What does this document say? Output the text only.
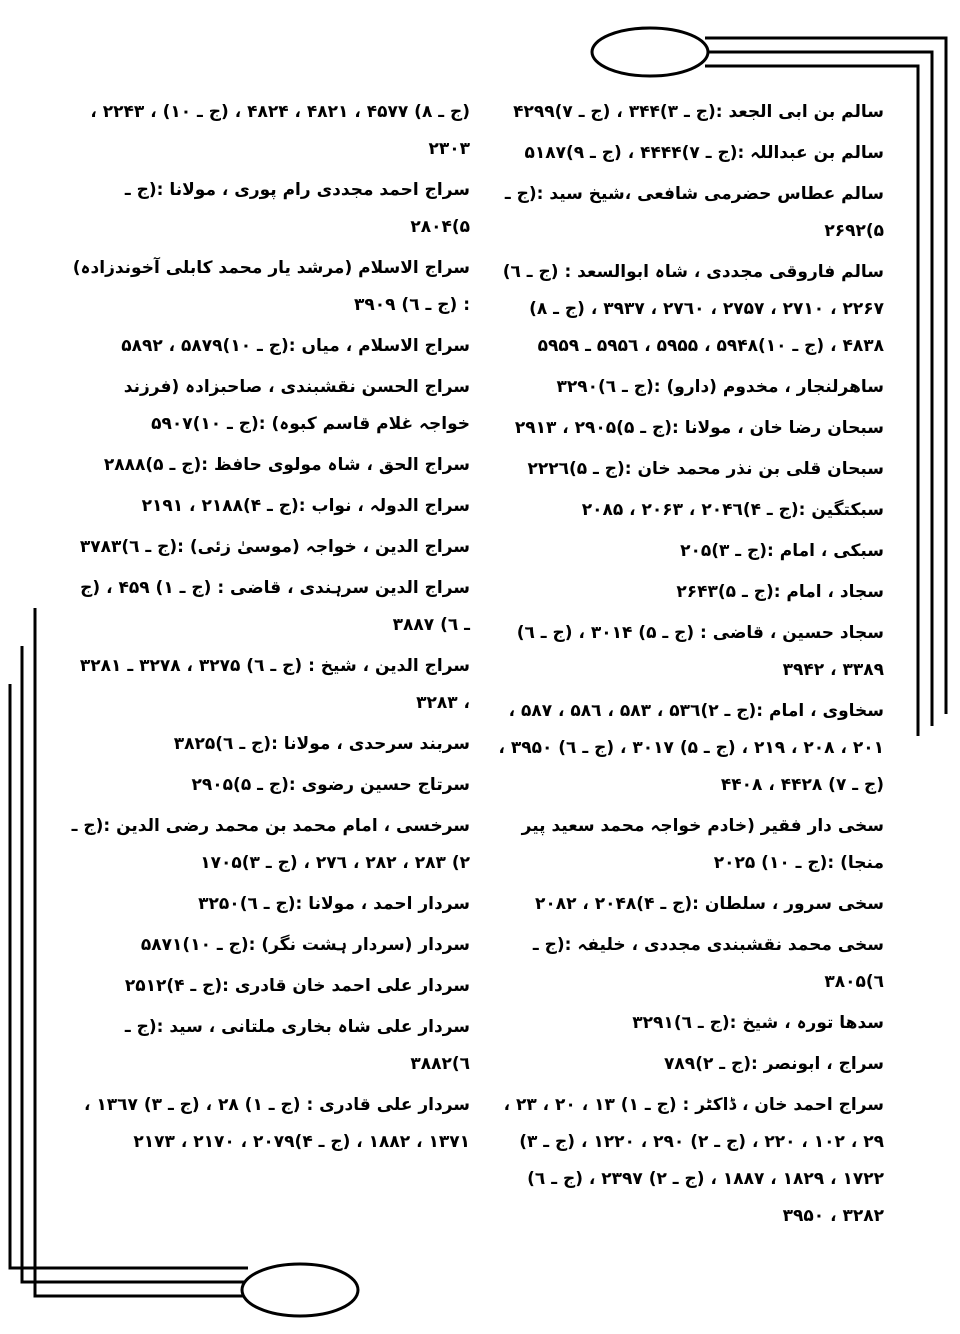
سالم بن ابی الجعد :(ج ـ ۳)۳۴۴ ، (ج ـ ۷)۴۲۹۹

سالم بن عبداللہ :(ج ـ ۷)۴۴۴۴ ، (ج ـ ۹)۵۱۸۷

سالم عطاس حضرمی شافعی ،شیخ سید :(ج ـ ۵)۲۶۹۲

سالم فاروقی مجددی ، شاہ ابوالسعد : (ج ـ ٦) ۲۲۶۷ ، ۲۷۱۰ ، ۲۷۵۷ ، ۲۷٦۰ ، ۳۹۳۷ ، (ج ـ ۸) ۴۸۳۸ ، (ج ـ ۱۰)۵۹۴۸ ، ۵۹۵۵ ، ۵۹۵٦ ـ ۵۹۵۹

ساھرلنجار ، مخدوم (دارو) :(ج ـ ٦)۳۲۹۰

سبحان رضا خان ، مولانا :(ج ـ ۵)۲۹۰۵ ، ۲۹۱۳

سبحان قلی بن نذر محمد خان :(ج ـ ۵)۲۲۲٦

سبکتگین :(ج ـ ۴)۲۰۴٦ ، ۲۰۶۳ ، ۲۰۸۵

سبکی ، امام :(ج ـ ۳)۲۰۵

سجاد ، امام :(ج ـ ۵)۲۶۴۳

سجاد حسین ، قاضی : (ج ـ ۵) ۳۰۱۴ ، (ج ـ ٦) ۳۳۸۹ ، ۳۹۴۲

سخاوی ، امام :(ج ـ ۲)۵۳٦ ، ۵۸۳ ، ۵۸٦ ، ۵۸۷ ، ۲۰۱ ، ۲۰۸ ، ۲۱۹ ، (ج ـ ۵) ۳۰۱۷ ، (ج ـ ٦) ۳۹۵۰ ، (ج ـ ۷) ۴۴۲۸ ، ۴۴۰۸

سخی دار فقیر (خادم خواجہ محمد سعید پیر منجا) :(ج ـ ۱۰) ۲۰۲۵

سخی سرور ، سلطان :(ج ـ ۴)۲۰۴۸ ، ۲۰۸۲

سخی محمد نقشبندی مجددی ، خلیفہ :(ج ـ ٦)۳۸۰۵

سدھا تورہ ، شیخ :(ج ـ ٦)۳۲۹۱

سراج ، ابونصر :(ج ـ ۲)۷۸۹

سراج احمد خان ، ڈاکٹر : (ج ـ ۱) ۱۳ ، ۲۰ ، ۲۳ ، ۲۹ ، ۱۰۲ ، ۲۲۰ ، (ج ـ ۲) ۲۹۰ ، ۱۲۲۰ ، (ج ـ ۳) ۱۷۲۲ ، ۱۸۲۹ ، ۱۸۸۷ ، (ج ـ ۲) ۲۳۹۷ ، (ج ـ ٦) ۳۲۸۲ ، ۳۹۵۰

(ج ـ ۸) ۴۵۷۷ ، ۴۸۲۱ ، ۴۸۲۴ ، (ج ـ ۱۰) ، ۲۲۴۳ ، ۲۳۰۳

سراج احمد مجددی رام پوری ، مولانا :(ج ـ ۵)۲۸۰۴

سراج الاسلام (مرشد یار محمد کابلی آخوندزادہ) : (ج ـ ٦) ۳۹۰۹

سراج الاسلام ، میاں :(ج ـ ۱۰)۵۸۷۹ ، ۵۸۹۲

سراج الحسن نقشبندی ، صاحبزادہ (فرزند خواجہ غلام قاسم کبوہ) :(ج ـ ۱۰)۵۹۰۷

سراج الحق ، شاہ مولوی حافظ :(ج ـ ۵)۲۸۸۸

سراج الدولہ ، نواب :(ج ـ ۴)۲۱۸۸ ، ۲۱۹۱

سراج الدین ، خواجہ (موسیٰ زئی) :(ج ـ ٦)۳۷۸۳

سراج الدین سرہندی ، قاضی : (ج ـ ۱) ۴۵۹ ، (ج ـ ٦) ۳۸۸۷

سراج الدین ، شیخ : (ج ـ ٦) ۳۲۷۵ ، ۳۲۷۸ ـ ۳۲۸۱ ، ۳۲۸۳

سربند سرحدی ، مولانا :(ج ـ ٦)۳۸۲۵

سرتاج حسین رضوی :(ج ـ ۵)۲۹۰۵

سرخسی ، امام محمد بن محمد رضی الدین :(ج ـ ۲) ۲۸۳ ، ۲۸۲ ، ۲۷٦ ، (ج ـ ۳)۱۷۰۵

سردار احمد ، مولانا :(ج ـ ٦)۳۲۵۰

سردار (سردار ہشت نگر) :(ج ـ ۱۰)۵۸۷۱

سردار علی احمد خان قادری :(ج ـ ۴)۲۵۱۲

سردار علی شاہ بخاری ملتانی ، سید :(ج ـ ٦)۳۸۸۲

سردار علی قادری : (ج ـ ۱) ۲۸ ، (ج ـ ۳) ۱۳٦۷ ، ۱۳۷۱ ، ۱۸۸۲ ، (ج ـ ۴)۲۰۷۹ ، ۲۱۷۰ ، ۲۱۷۳
